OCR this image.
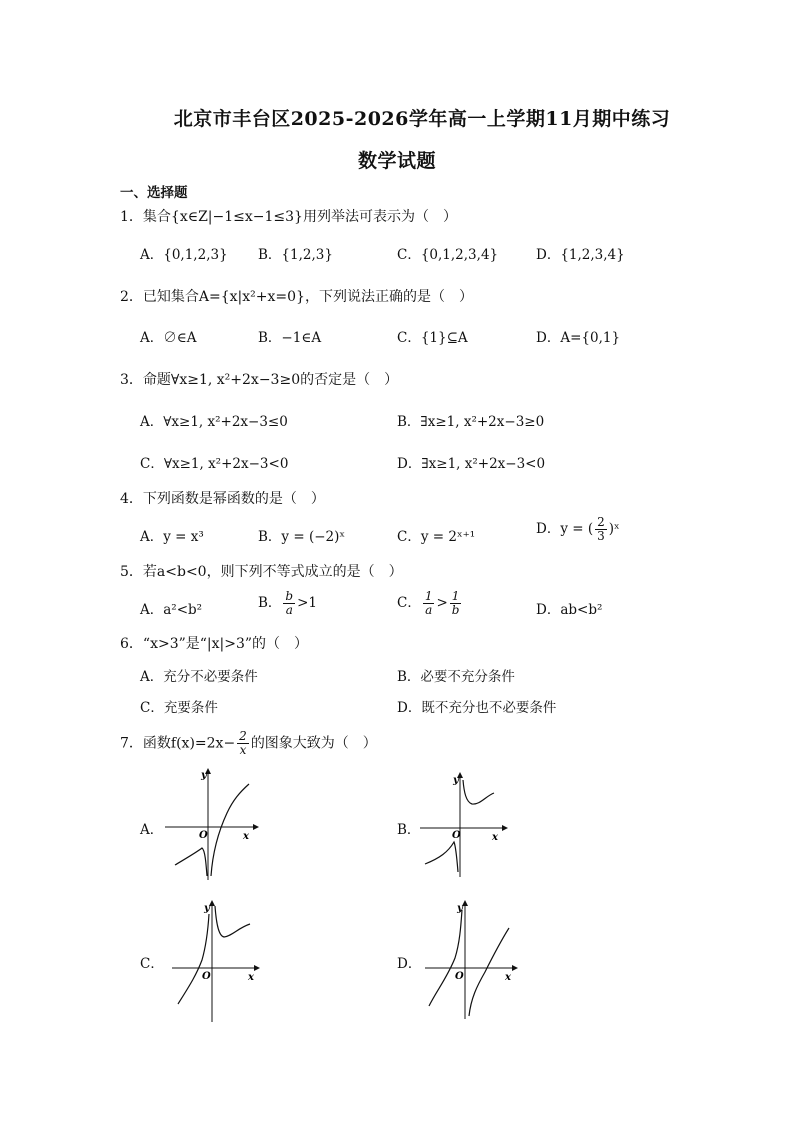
北京市丰台区2025-2026学年高一上学期11月期中练习
数学试题
一、选择题
1．集合{x∈Z|−1≤x−1≤3}用列举法可表示为（　）
A．{0,1,2,3} B．{1,2,3}	C．{0,1,2,3,4}	D．{1,2,3,4}
2．已知集合A={x|x²+x=0}，下列说法正确的是（　）
A．∅∈A	B．−1∈A	C．{1}⊆A	D．A={0,1}
3．命题∀x≥1, x²+2x−3≥0的否定是（　）
A．∀x≥1, x²+2x−3≤0	B．∃x≥1, x²+2x−3≥0
C．∀x≥1, x²+2x−3<0	D．∃x≥1, x²+2x−3<0
4．下列函数是幂函数的是（　）
A．y = x³	B．y = (−2)ˣ	C．y = 2ˣ⁺¹	D．y = ( $\frac{2}{3}$ )ˣ
5．若a<b<0，则下列不等式成立的是（　）
A．a²<b²	B． $\frac{b}{a} >1$	C． $\frac{1}{a} > \frac{1}{b}$	D．ab<b²
6．“x>3”是“|x|>3”的（　）
A．充分不必要条件	B．必要不充分条件
C．充要条件	D．既不充分也不必要条件
7．函数$f(x)=2x- \frac{2}{x}$ 的图象大致为（　）
A．	B．
C．	D．
O	x
y
O	x
y
O	x
y
O	x
y
